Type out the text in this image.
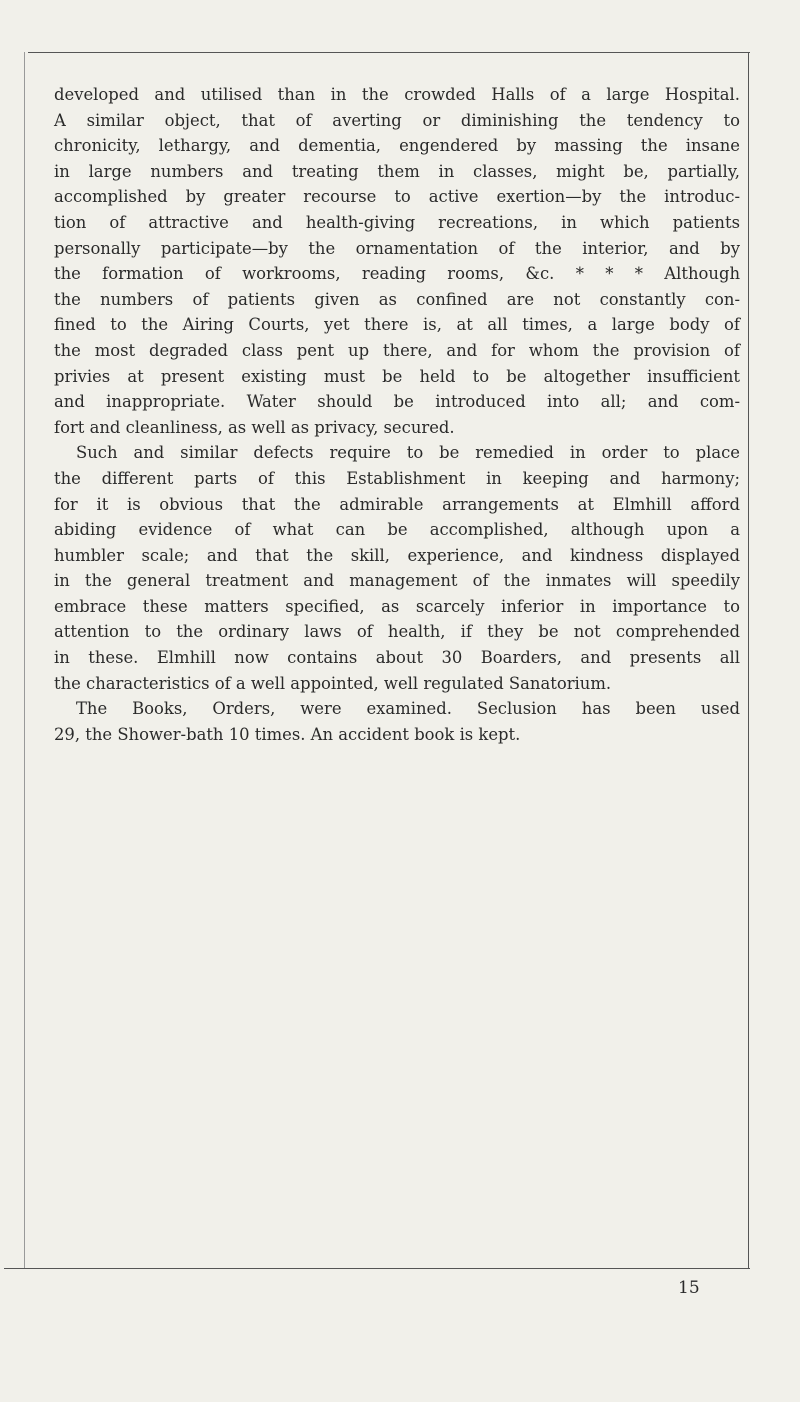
developed and utilised than in the crowded Halls of a large Hospital.
A similar object, that of averting or diminishing the tendency to
chronicity, lethargy, and dementia, engendered by massing the insane
in large numbers and treating them in classes, might be, partially,
accomplished by greater recourse to active exertion—by the introduc-
tion of attractive and health-giving recreations, in which patients
personally participate—by the ornamentation of the interior, and by
the formation of workrooms, reading rooms, &c. * * * Although
the numbers of patients given as confined are not constantly con-
fined to the Airing Courts, yet there is, at all times, a large body of
the most degraded class pent up there, and for whom the provision of
privies at present existing must be held to be altogether insufficient
and inappropriate. Water should be introduced into all; and com-
fort and cleanliness, as well as privacy, secured.
Such and similar defects require to be remedied in order to place
the different parts of this Establishment in keeping and harmony;
for it is obvious that the admirable arrangements at Elmhill afford
abiding evidence of what can be accomplished, although upon a
humbler scale; and that the skill, experience, and kindness displayed
in the general treatment and management of the inmates will speedily
embrace these matters specified, as scarcely inferior in importance to
attention to the ordinary laws of health, if they be not comprehended
in these. Elmhill now contains about 30 Boarders, and presents all
the characteristics of a well appointed, well regulated Sanatorium.
The Books, Orders, were examined. Seclusion has been used
29, the Shower-bath 10 times. An accident book is kept.
15
